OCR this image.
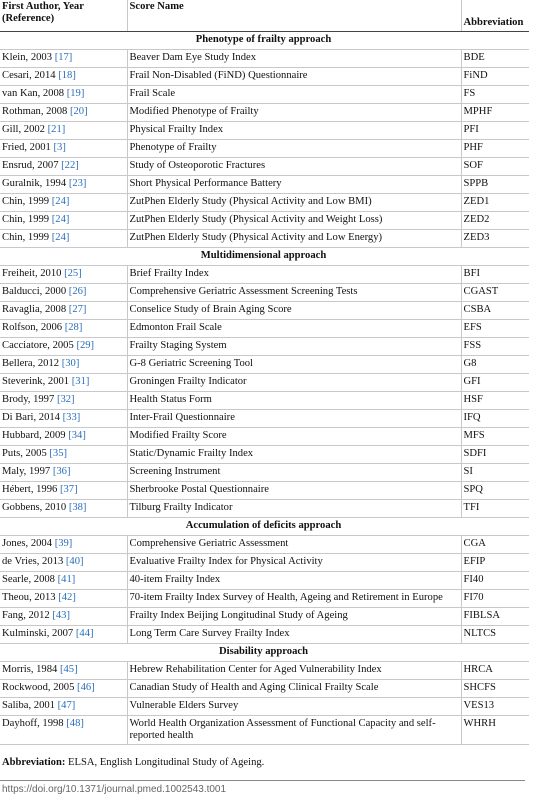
First Author, Year (Reference)	Score Name	Abbreviation
Phenotype of frailty approach		
Klein, 2003 [17]	Beaver Dam Eye Study Index	BDE
Cesari, 2014 [18]	Frail Non-Disabled (FiND) Questionnaire	FiND
van Kan, 2008 [19]	Frail Scale	FS
Rothman, 2008 [20]	Modified Phenotype of Frailty	MPHF
Gill, 2002 [21]	Physical Frailty Index	PFI
Fried, 2001 [3]	Phenotype of Frailty	PHF
Ensrud, 2007 [22]	Study of Osteoporotic Fractures	SOF
Guralnik, 1994 [23]	Short Physical Performance Battery	SPPB
Chin, 1999 [24]	ZutPhen Elderly Study (Physical Activity and Low BMI)	ZED1
Chin, 1999 [24]	ZutPhen Elderly Study (Physical Activity and Weight Loss)	ZED2
Chin, 1999 [24]	ZutPhen Elderly Study (Physical Activity and Low Energy)	ZED3
Multidimensional approach		
Freiheit, 2010 [25]	Brief Frailty Index	BFI
Balducci, 2000 [26]	Comprehensive Geriatric Assessment Screening Tests	CGAST
Ravaglia, 2008 [27]	Conselice Study of Brain Aging Score	CSBA
Rolfson, 2006 [28]	Edmonton Frail Scale	EFS
Cacciatore, 2005 [29]	Frailty Staging System	FSS
Bellera, 2012 [30]	G-8 Geriatric Screening Tool	G8
Steverink, 2001 [31]	Groningen Frailty Indicator	GFI
Brody, 1997 [32]	Health Status Form	HSF
Di Bari, 2014 [33]	Inter-Frail Questionnaire	IFQ
Hubbard, 2009 [34]	Modified Frailty Score	MFS
Puts, 2005 [35]	Static/Dynamic Frailty Index	SDFI
Maly, 1997 [36]	Screening Instrument	SI
Hébert, 1996 [37]	Sherbrooke Postal Questionnaire	SPQ
Gobbens, 2010 [38]	Tilburg Frailty Indicator	TFI
Accumulation of deficits approach		
Jones, 2004 [39]	Comprehensive Geriatric Assessment	CGA
de Vries, 2013 [40]	Evaluative Frailty Index for Physical Activity	EFIP
Searle, 2008 [41]	40-item Frailty Index	FI40
Theou, 2013 [42]	70-item Frailty Index Survey of Health, Ageing and Retirement in Europe	FI70
Fang, 2012 [43]	Frailty Index Beijing Longitudinal Study of Ageing	FIBLSA
Kulminski, 2007 [44]	Long Term Care Survey Frailty Index	NLTCS
Disability approach		
Morris, 1984 [45]	Hebrew Rehabilitation Center for Aged Vulnerability Index	HRCA
Rockwood, 2005 [46]	Canadian Study of Health and Aging Clinical Frailty Scale	SHCFS
Saliba, 2001 [47]	Vulnerable Elders Survey	VES13
Dayhoff, 1998 [48]	World Health Organization Assessment of Functional Capacity and self-reported health	WHRH
Abbreviation: ELSA, English Longitudinal Study of Ageing.
https://doi.org/10.1371/journal.pmed.1002543.t001
